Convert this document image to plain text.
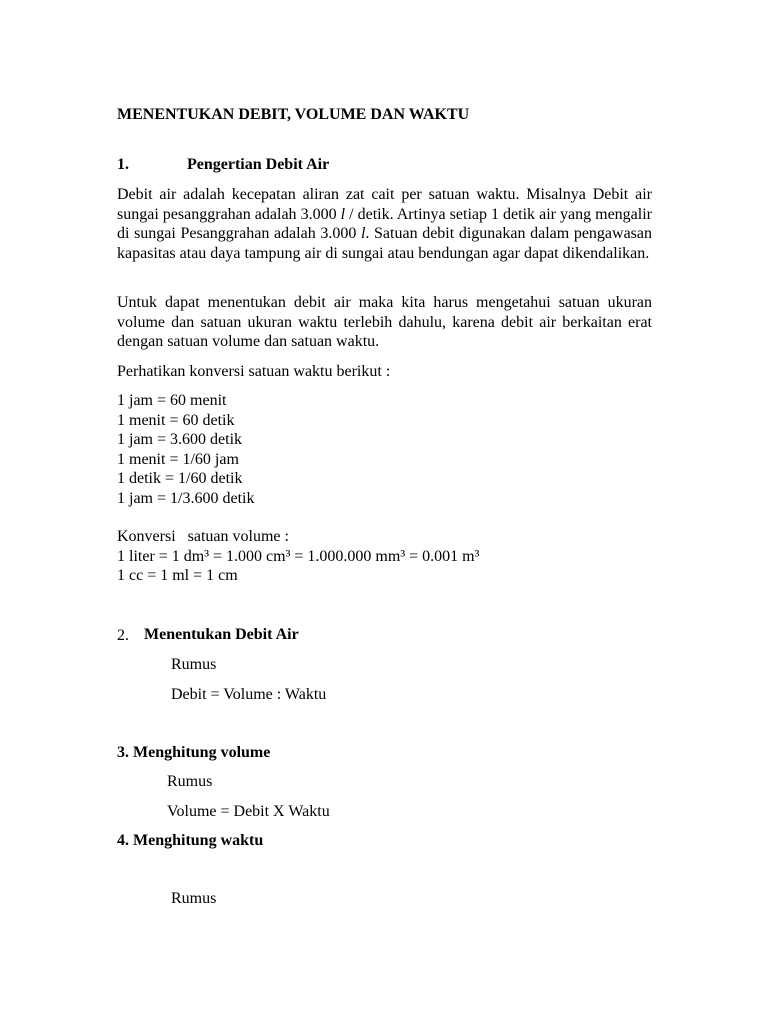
MENENTUKAN DEBIT, VOLUME DAN WAKTU
1.	Pengertian Debit Air

Debit air adalah kecepatan aliran zat cait per satuan waktu. Misalnya Debit air sungai pesanggrahan adalah 3.000 l / detik. Artinya setiap 1 detik air yang mengalir di sungai Pesanggrahan adalah 3.000 l. Satuan debit digunakan dalam pengawasan kapasitas atau daya tampung air di sungai atau bendungan agar dapat dikendalikan.

Untuk dapat menentukan debit air maka kita harus mengetahui satuan ukuran volume dan satuan ukuran waktu terlebih dahulu, karena debit air berkaitan erat dengan satuan volume dan satuan waktu.

Perhatikan konversi satuan waktu berikut :

1 jam = 60 menit
1 menit = 60 detik
1 jam = 3.600 detik
1 menit = 1/60 jam
1 detik = 1/60 detik
1 jam = 1/3.600 detik
Konversi   satuan volume :
1 liter = 1 dm³ = 1.000 cm³ = 1.000.000 mm³ = 0.001 m³
1 cc = 1 ml = 1 cm
2. Menentukan Debit Air
Rumus
Debit = Volume : Waktu
3. Menghitung volume
Rumus
Volume = Debit X Waktu
4. Menghitung waktu
Rumus
